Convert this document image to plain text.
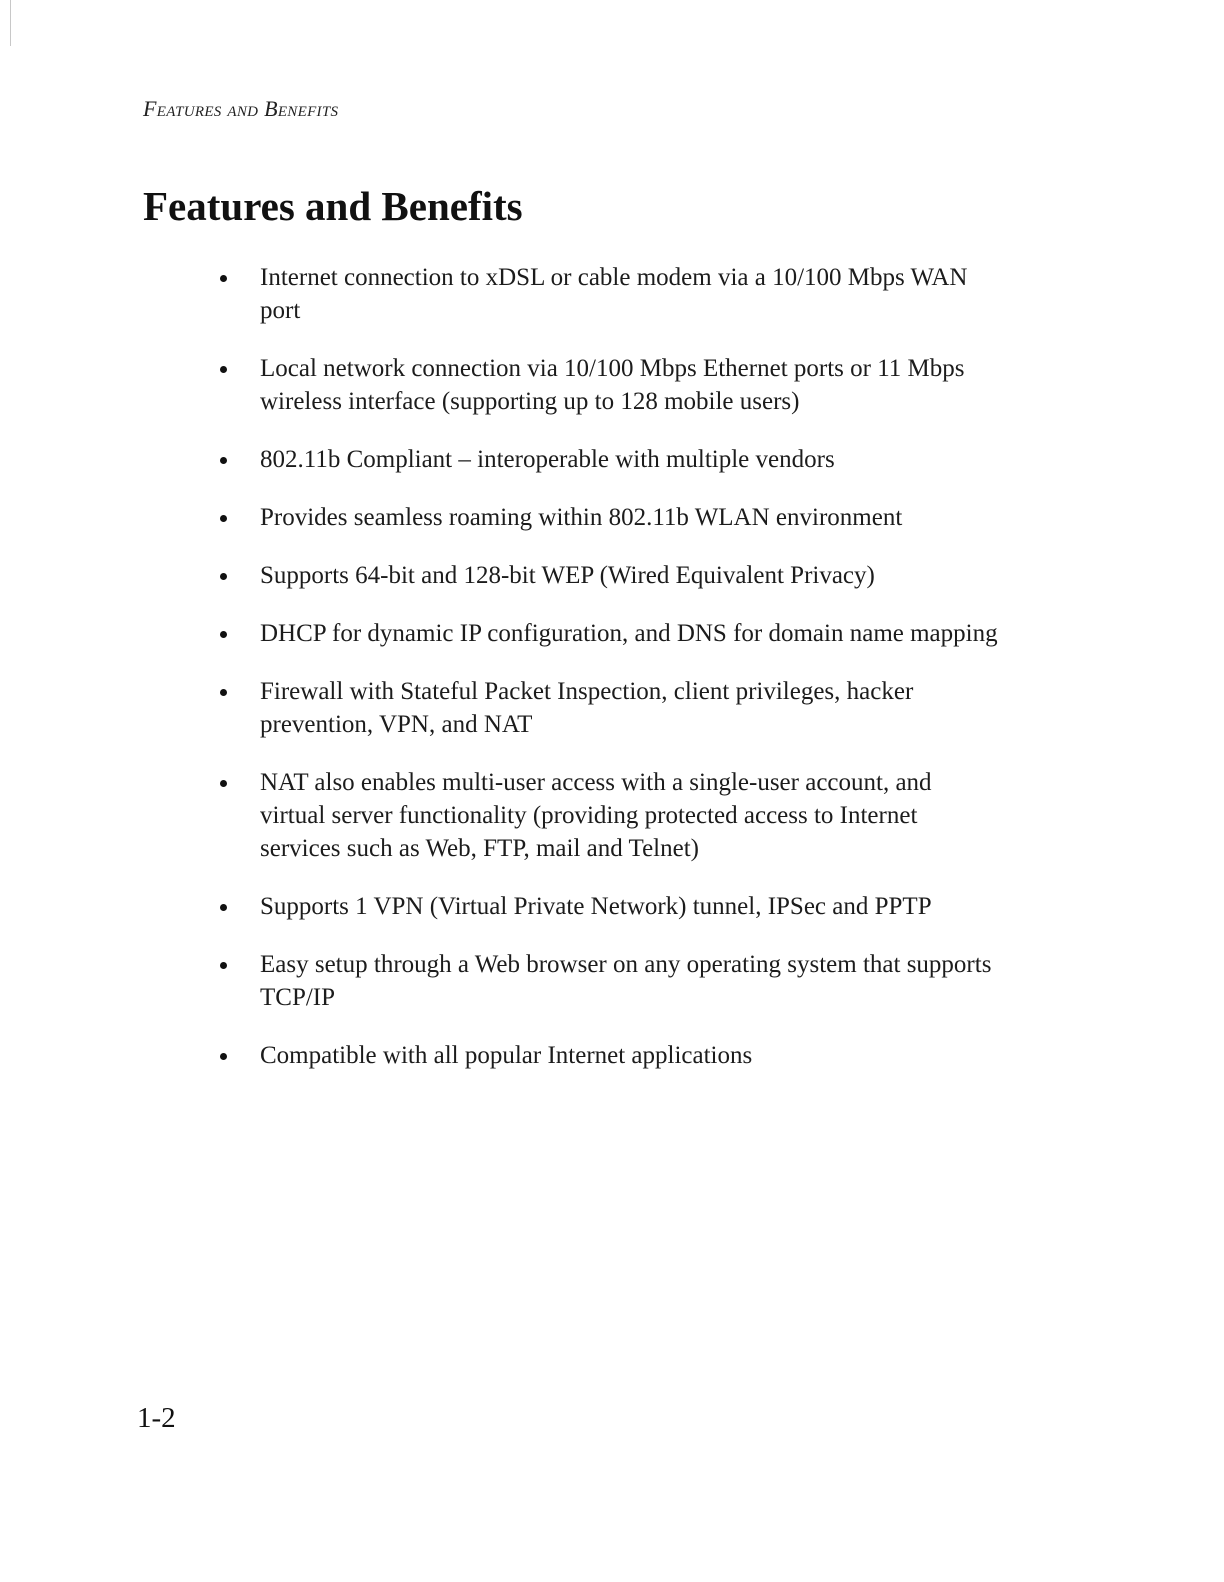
Features and Benefits
Features and Benefits
Internet connection to xDSL or cable modem via a 10/100 Mbps WAN port
Local network connection via 10/100 Mbps Ethernet ports or 11 Mbps wireless interface (supporting up to 128 mobile users)
802.11b Compliant – interoperable with multiple vendors
Provides seamless roaming within 802.11b WLAN environment
Supports 64-bit and 128-bit WEP (Wired Equivalent Privacy)
DHCP for dynamic IP configuration, and DNS for domain name mapping
Firewall with Stateful Packet Inspection, client privileges, hacker prevention, VPN, and NAT
NAT also enables multi-user access with a single-user account, and virtual server functionality (providing protected access to Internet services such as Web, FTP, mail and Telnet)
Supports 1 VPN (Virtual Private Network) tunnel, IPSec and PPTP
Easy setup through a Web browser on any operating system that supports TCP/IP
Compatible with all popular Internet applications
1-2
